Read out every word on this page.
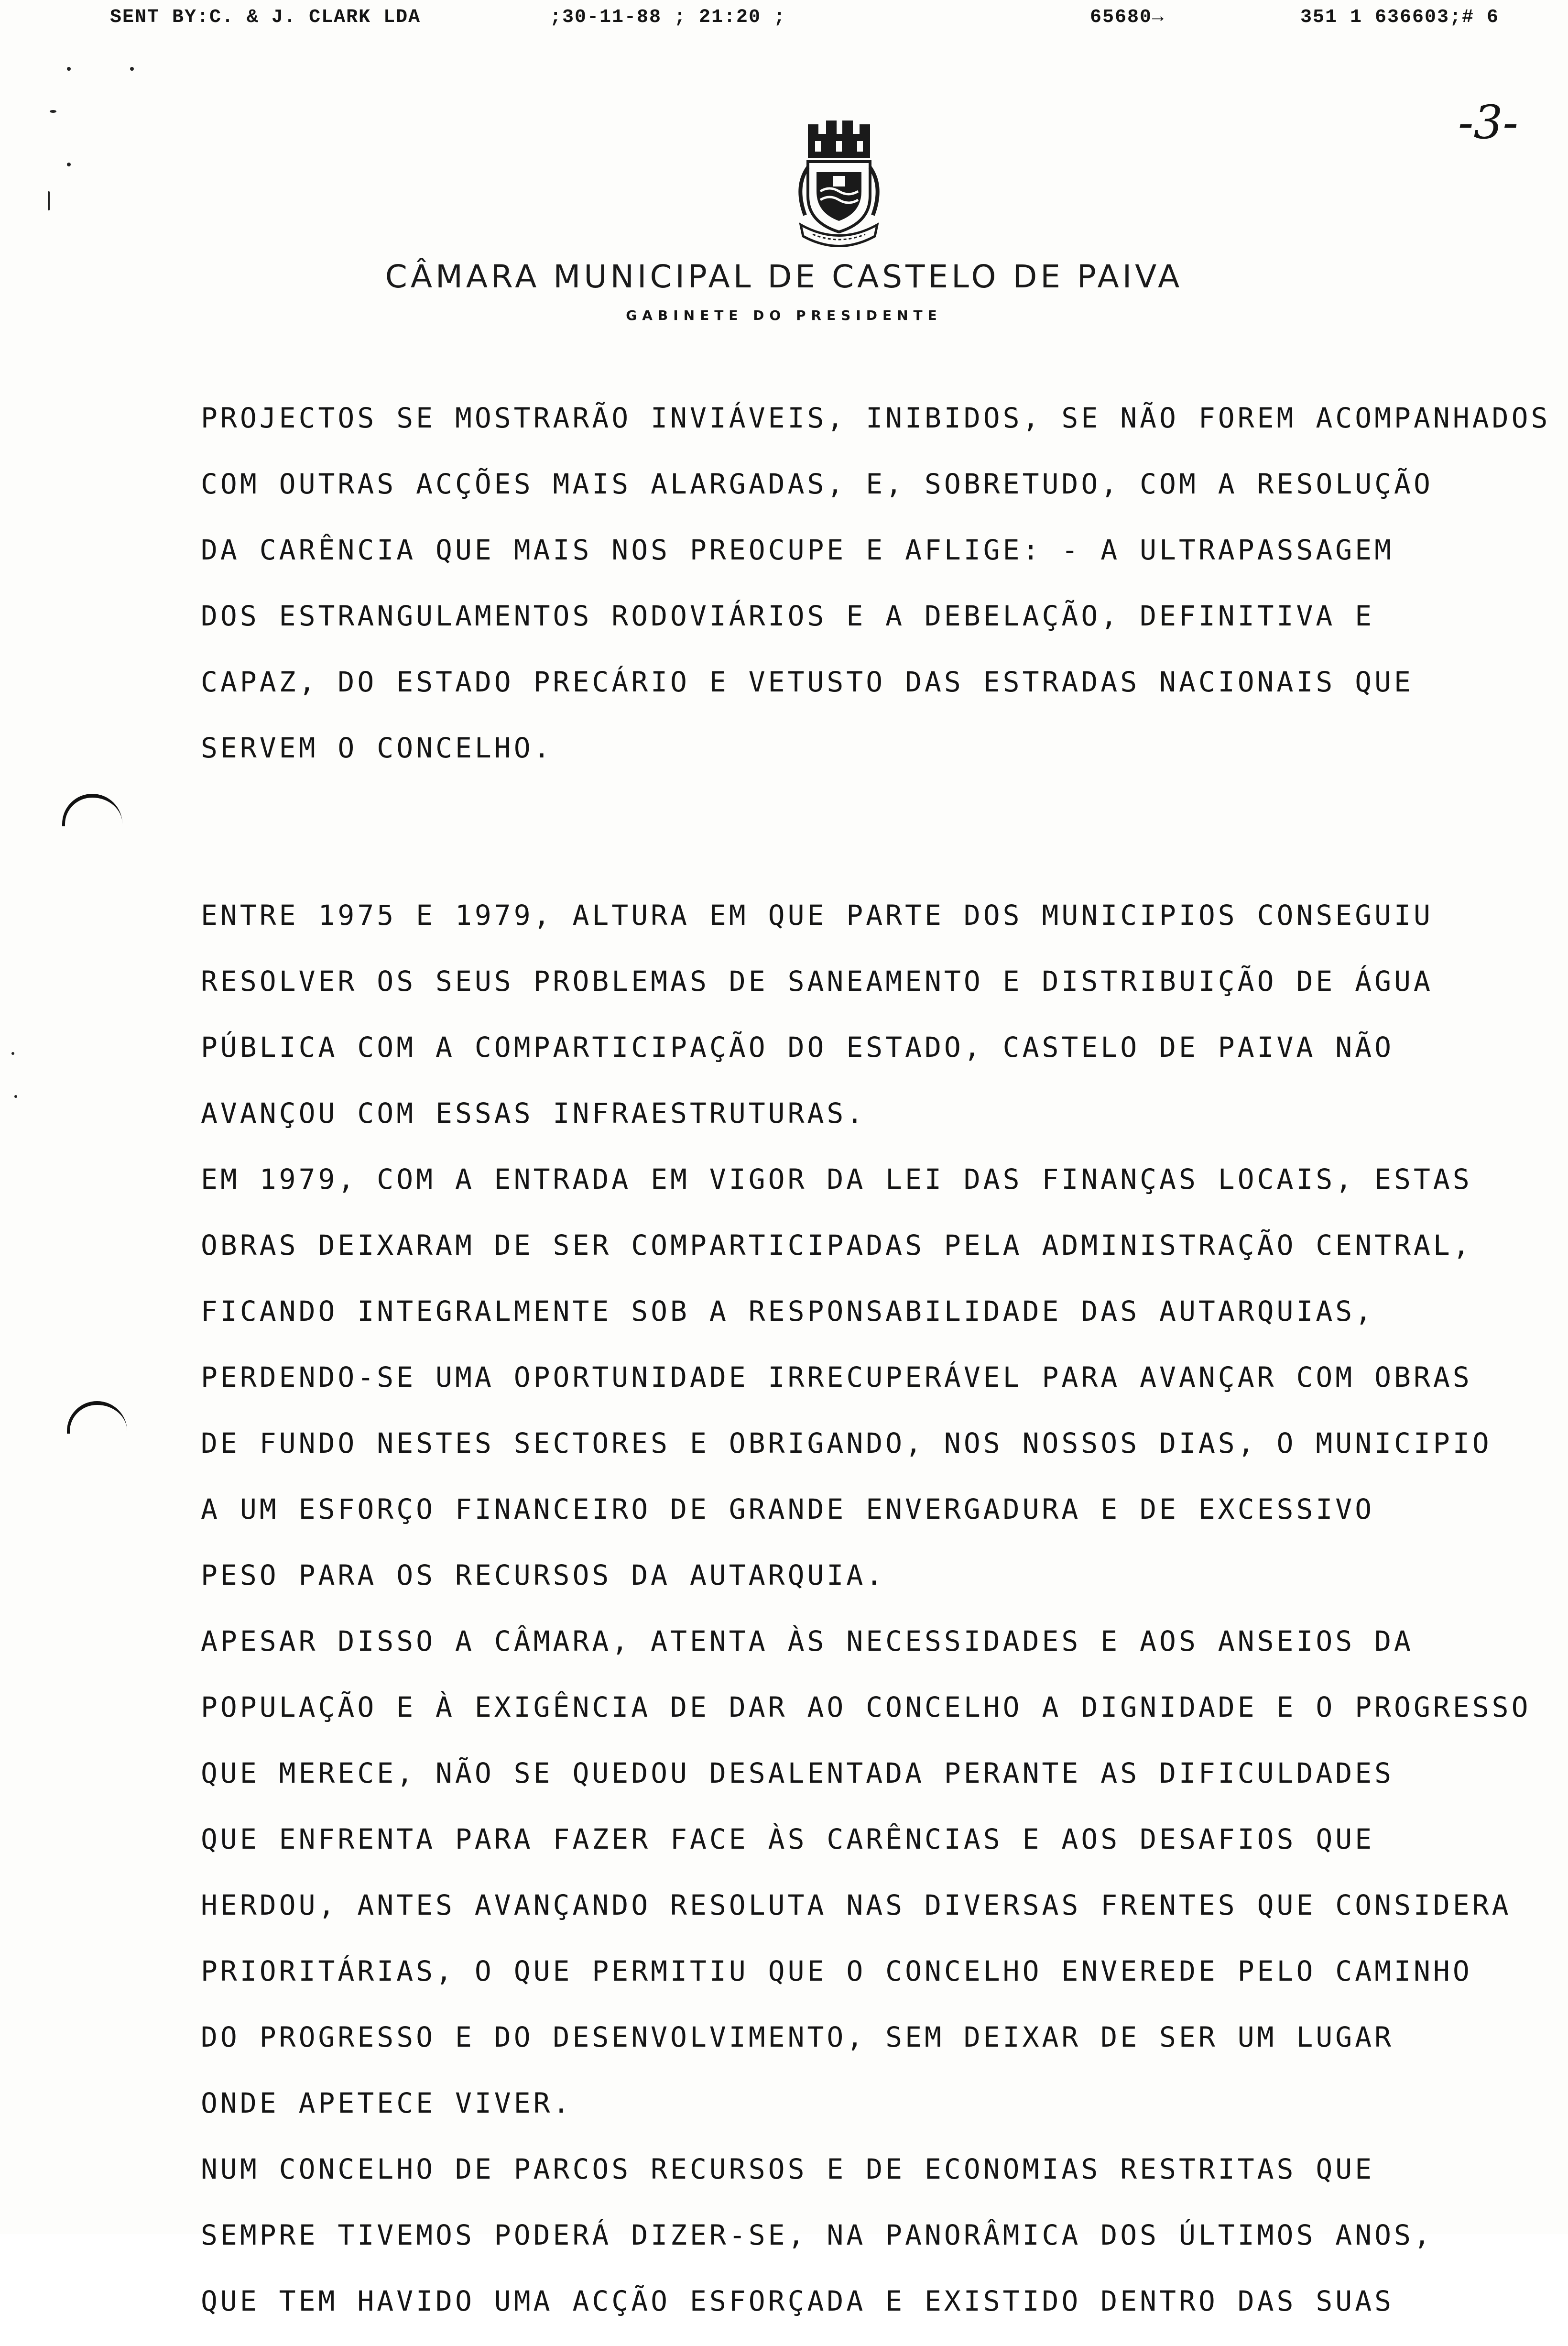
SENT BY:C. & J. CLARK LDA	;30-11-88 ; 21:20 ;	65680→	351 1 636603;# 6
-3-
CÂMARA MUNICIPAL DE CASTELO DE PAIVA
GABINETE DO PRESIDENTE
PROJECTOS SE MOSTRARÃO INVIÁVEIS, INIBIDOS, SE NÃO FOREM ACOMPANHADOS
COM OUTRAS ACÇÕES MAIS ALARGADAS, E, SOBRETUDO, COM A RESOLUÇÃO
DA CARÊNCIA QUE MAIS NOS PREOCUPE E AFLIGE: - A ULTRAPASSAGEM
DOS ESTRANGULAMENTOS RODOVIÁRIOS E A DEBELAÇÃO, DEFINITIVA E
CAPAZ, DO ESTADO PRECÁRIO E VETUSTO DAS ESTRADAS NACIONAIS QUE
SERVEM O CONCELHO.
ENTRE 1975 E 1979, ALTURA EM QUE PARTE DOS MUNICIPIOS CONSEGUIU
RESOLVER OS SEUS PROBLEMAS DE SANEAMENTO E DISTRIBUIÇÃO DE ÁGUA
PÚBLICA COM A COMPARTICIPAÇÃO DO ESTADO, CASTELO DE PAIVA NÃO
AVANÇOU COM ESSAS INFRAESTRUTURAS.
EM 1979, COM A ENTRADA EM VIGOR DA LEI DAS FINANÇAS LOCAIS, ESTAS
OBRAS DEIXARAM DE SER COMPARTICIPADAS PELA ADMINISTRAÇÃO CENTRAL,
FICANDO INTEGRALMENTE SOB A RESPONSABILIDADE DAS AUTARQUIAS,
PERDENDO-SE UMA OPORTUNIDADE IRRECUPERÁVEL PARA AVANÇAR COM OBRAS
DE FUNDO NESTES SECTORES E OBRIGANDO, NOS NOSSOS DIAS, O MUNICIPIO
A UM ESFORÇO FINANCEIRO DE GRANDE ENVERGADURA E DE EXCESSIVO
PESO PARA OS RECURSOS DA AUTARQUIA.
APESAR DISSO A CÂMARA, ATENTA ÀS NECESSIDADES E AOS ANSEIOS DA
POPULAÇÃO E À EXIGÊNCIA DE DAR AO CONCELHO A DIGNIDADE E O PROGRESSO
QUE MERECE, NÃO SE QUEDOU DESALENTADA PERANTE AS DIFICULDADES
QUE ENFRENTA PARA FAZER FACE ÀS CARÊNCIAS E AOS DESAFIOS QUE
HERDOU, ANTES AVANÇANDO RESOLUTA NAS DIVERSAS FRENTES QUE CONSIDERA
PRIORITÁRIAS, O QUE PERMITIU QUE O CONCELHO ENVEREDE PELO CAMINHO
DO PROGRESSO E DO DESENVOLVIMENTO, SEM DEIXAR DE SER UM LUGAR
ONDE APETECE VIVER.
NUM CONCELHO DE PARCOS RECURSOS E DE ECONOMIAS RESTRITAS QUE
SEMPRE TIVEMOS PODERÁ DIZER-SE, NA PANORÂMICA DOS ÚLTIMOS ANOS,
QUE TEM HAVIDO UMA ACÇÃO ESFORÇADA E EXISTIDO DENTRO DAS SUAS
